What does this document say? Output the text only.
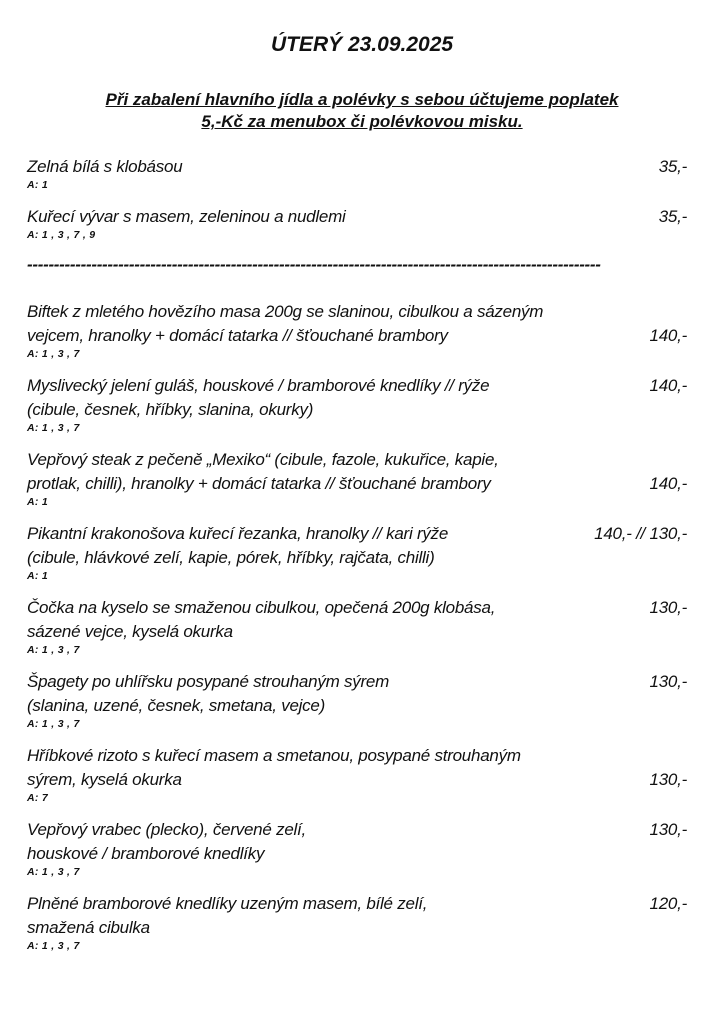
ÚTERÝ 23.09.2025
Při zabalení hlavního jídla a polévky s sebou účtujeme poplatek
5,-Kč za menubox či polévkovou misku.
Zelná bílá s klobásou	35,-
A: 1
Kuřecí vývar s masem, zeleninou a nudlemi	35,-
A: 1 , 3 , 7 , 9
-----------------------------------------------------------------------------------------------------------
Biftek z mletého hovězího masa 200g se slaninou, cibulkou a sázeným
vejcem, hranolky + domácí tatarka // šťouchané brambory	140,-
A: 1 , 3 , 7
Myslivecký jelení guláš, houskové / bramborové knedlíky // rýže	140,-
(cibule, česnek, hříbky, slanina, okurky)
A: 1 , 3 , 7
Vepřový steak z pečeně „Mexiko“ (cibule, fazole, kukuřice, kapie,
protlak, chilli), hranolky + domácí tatarka // šťouchané brambory	140,-
A: 1
Pikantní krakonošova kuřecí řezanka, hranolky // kari rýže	140,- // 130,-
(cibule, hlávkové zelí, kapie, pórek, hříbky, rajčata, chilli)
A: 1
Čočka na kyselo se smaženou cibulkou, opečená 200g klobása,	130,-
sázené vejce, kyselá okurka
A: 1 , 3 , 7
Špagety po uhlířsku posypané strouhaným sýrem	130,-
(slanina, uzené, česnek, smetana, vejce)
A: 1 , 3 , 7
Hříbkové rizoto s kuřecí masem a smetanou, posypané strouhaným
sýrem, kyselá okurka	130,-
A: 7
Vepřový vrabec (plecko), červené zelí,	130,-
houskové / bramborové knedlíky
A: 1 , 3 , 7
Plněné bramborové knedlíky uzeným masem, bílé zelí,	120,-
smažená cibulka
A: 1 , 3 , 7
